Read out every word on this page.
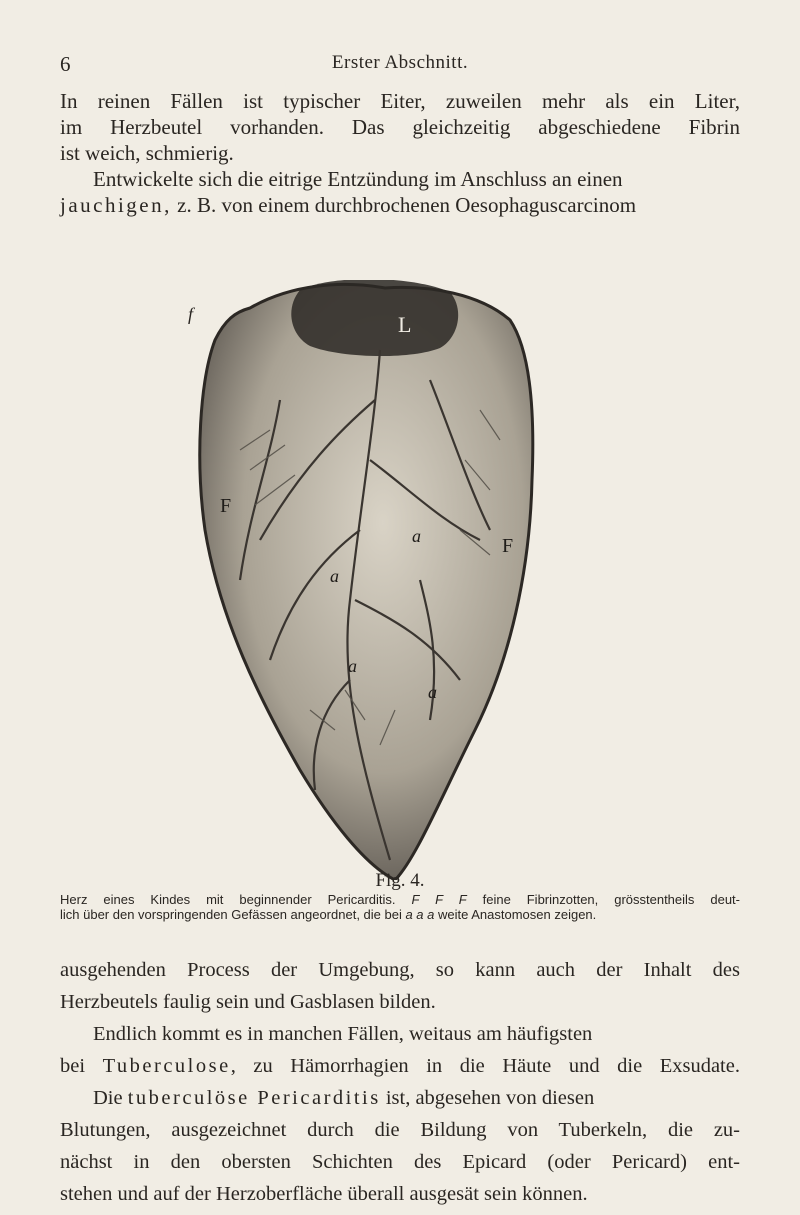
6	Erster Abschnitt.
In reinen Fällen ist typischer Eiter, zuweilen mehr als ein Liter,
im Herzbeutel vorhanden. Das gleichzeitig abgeschiedene Fibrin
ist weich, schmierig.
Entwickelte sich die eitrige Entzündung im Anschluss an einen
jauchigen, z. B. von einem durchbrochenen Oesophaguscarcinom
L
f
F
F
a
a
a
a
Fig. 4.
Herz eines Kindes mit beginnender Pericarditis. F F F feine Fibrinzotten, grösstentheils deut-
lich über den vorspringenden Gefässen angeordnet, die bei a a a weite Anastomosen zeigen.
ausgehenden Process der Umgebung, so kann auch der Inhalt des
Herzbeutels faulig sein und Gasblasen bilden.
Endlich kommt es in manchen Fällen, weitaus am häufigsten
bei Tuberculose, zu Hämorrhagien in die Häute und die Exsudate.
Die tuberculöse Pericarditis ist, abgesehen von diesen
Blutungen, ausgezeichnet durch die Bildung von Tuberkeln, die zu-
nächst in den obersten Schichten des Epicard (oder Pericard) ent-
stehen und auf der Herzoberfläche überall ausgesät sein können.
